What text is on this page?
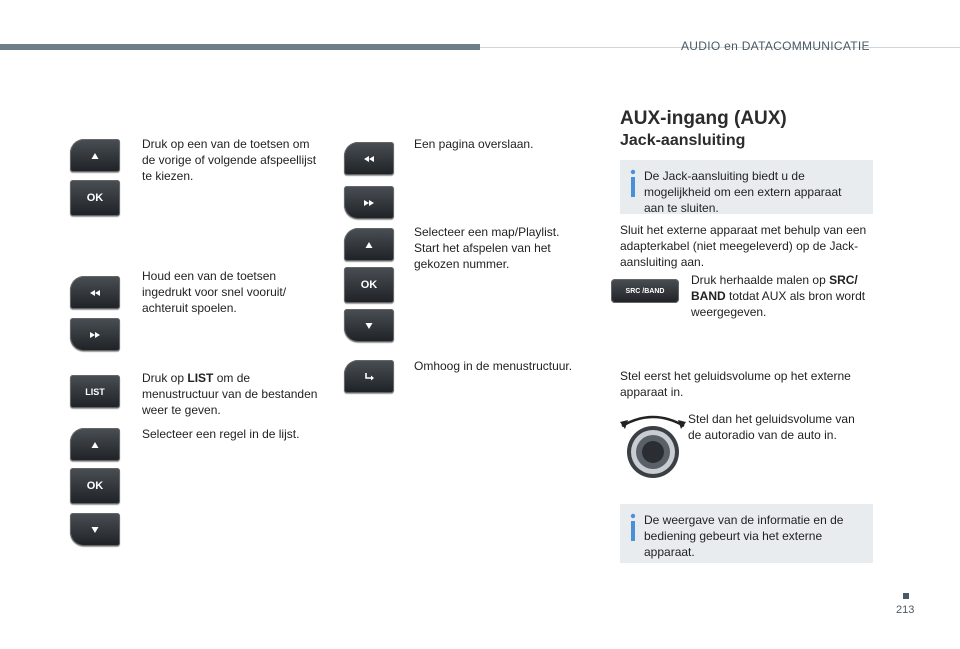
AUDIO en DATACOMMUNICATIE
OK
Druk op een van de toetsen om de vorige of volgende afspeellijst te kiezen.
Houd een van de toetsen ingedrukt voor snel vooruit/ achteruit spoelen.
LIST
Druk op LIST om de menustructuur van de bestanden weer te geven.
OK
Selecteer een regel in de lijst.
Een pagina overslaan.
OK
Selecteer een map/Playlist. Start het afspelen van het gekozen nummer.
Omhoog in de menustructuur.
AUX-ingang (AUX)
Jack-aansluiting
De Jack-aansluiting biedt u de mogelijkheid om een extern apparaat aan te sluiten.
Sluit het externe apparaat met behulp van een adapterkabel (niet meegeleverd) op de Jack-aansluiting aan.
SRC /BAND
Druk herhaalde malen op SRC/ BAND totdat AUX als bron wordt weergegeven.
Stel eerst het geluidsvolume op het externe apparaat in.
Stel dan het geluidsvolume van de autoradio van de auto in.
De weergave van de informatie en de bediening gebeurt via het externe apparaat.
213
